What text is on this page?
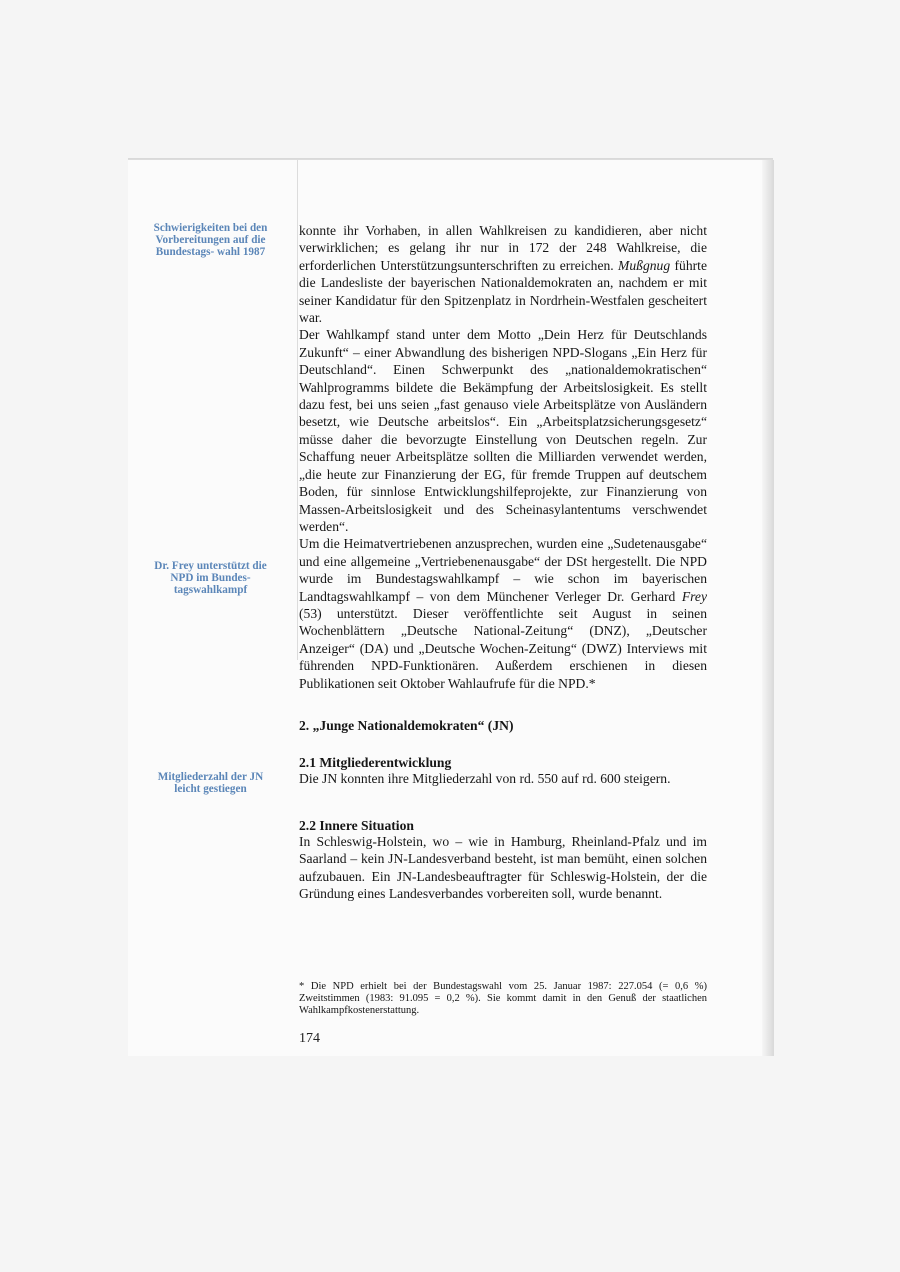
Schwierigkeiten bei den Vorbereitungen auf die Bundestags- wahl 1987
Dr. Frey unterstützt die NPD im Bundes- tagswahlkampf
Mitgliederzahl der JN leicht gestiegen

konnte ihr Vorhaben, in allen Wahlkreisen zu kandidieren, aber nicht verwirklichen; es gelang ihr nur in 172 der 248 Wahlkreise, die erforderlichen Unterstützungsunterschriften zu erreichen. Mußgnug führte die Landesliste der bayerischen Nationaldemokraten an, nachdem er mit seiner Kandidatur für den Spitzenplatz in Nordrhein-Westfalen gescheitert war.

Der Wahlkampf stand unter dem Motto „Dein Herz für Deutschlands Zukunft“ – einer Abwandlung des bisherigen NPD-Slogans „Ein Herz für Deutschland“. Einen Schwerpunkt des „nationaldemokratischen“ Wahlprogramms bildete die Bekämpfung der Arbeitslosigkeit. Es stellt dazu fest, bei uns seien „fast genauso viele Arbeitsplätze von Ausländern besetzt, wie Deutsche arbeitslos“. Ein „Arbeitsplatzsicherungsgesetz“ müsse daher die bevorzugte Einstellung von Deutschen regeln. Zur Schaffung neuer Arbeitsplätze sollten die Milliarden verwendet werden, „die heute zur Finanzierung der EG, für fremde Truppen auf deutschem Boden, für sinnlose Entwicklungshilfeprojekte, zur Finanzierung von Massen-Arbeitslosigkeit und des Scheinasylantentums verschwendet werden“.

Um die Heimatvertriebenen anzusprechen, wurden eine „Sudetenausgabe“ und eine allgemeine „Vertriebenenausgabe“ der DSt hergestellt. Die NPD wurde im Bundestagswahlkampf – wie schon im bayerischen Landtagswahlkampf – von dem Münchener Verleger Dr. Gerhard Frey (53) unterstützt. Dieser veröffentlichte seit August in seinen Wochenblättern „Deutsche National-Zeitung“ (DNZ), „Deutscher Anzeiger“ (DA) und „Deutsche Wochen-Zeitung“ (DWZ) Interviews mit führenden NPD-Funktionären. Außerdem erschienen in diesen Publikationen seit Oktober Wahlaufrufe für die NPD.*

2. „Junge Nationaldemokraten“ (JN)
2.1 Mitgliederentwicklung

Die JN konnten ihre Mitgliederzahl von rd. 550 auf rd. 600 steigern.

2.2 Innere Situation

In Schleswig-Holstein, wo – wie in Hamburg, Rheinland-Pfalz und im Saarland – kein JN-Landesverband besteht, ist man bemüht, einen solchen aufzubauen. Ein JN-Landesbeauftragter für Schleswig-Holstein, der die Gründung eines Landesverbandes vorbereiten soll, wurde benannt.

* Die NPD erhielt bei der Bundestagswahl vom 25. Januar 1987: 227.054 (= 0,6 %) Zweitstimmen (1983: 91.095 = 0,2 %). Sie kommt damit in den Genuß der staatlichen Wahlkampfkostenerstattung.
174
